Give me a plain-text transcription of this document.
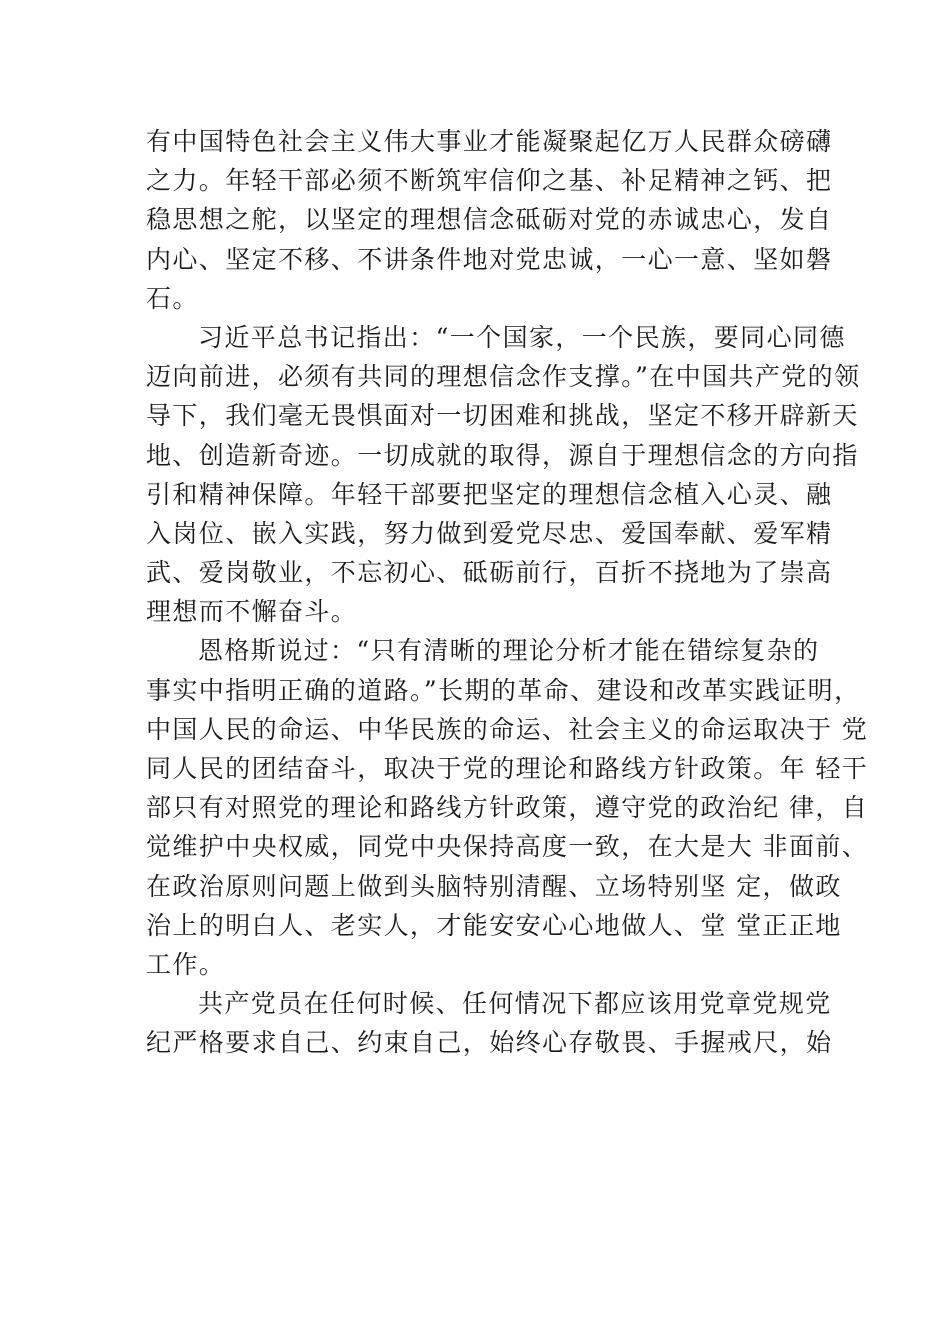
有中国特色社会主义伟大事业才能凝聚起亿万人民群众磅礴
之力。年轻干部必须不断筑牢信仰之基、补足精神之钙、把
稳思想之舵，以坚定的理想信念砥砺对党的赤诚忠心，发自
内心、坚定不移、不讲条件地对党忠诚，一心一意、坚如磐
石。
习近平总书记指出：“一个国家，一个民族，要同心同德
迈向前进，必须有共同的理想信念作支撑。”在中国共产党的领
导下，我们毫无畏惧面对一切困难和挑战，坚定不移开辟新天
地、创造新奇迹。一切成就的取得，源自于理想信念的方向指
引和精神保障。年轻干部要把坚定的理想信念植入心灵、融
入岗位、嵌入实践，努力做到爱党尽忠、爱国奉献、爱军精
武、爱岗敬业，不忘初心、砥砺前行，百折不挠地为了崇高
理想而不懈奋斗。
恩格斯说过：“只有清晰的理论分析才能在错综复杂的
事实中指明正确的道路。”长期的革命、建设和改革实践证明，
中国人民的命运、中华民族的命运、社会主义的命运取决于 党
同人民的团结奋斗，取决于党的理论和路线方针政策。年 轻干
部只有对照党的理论和路线方针政策，遵守党的政治纪 律，自
觉维护中央权威，同党中央保持高度一致，在大是大 非面前、
在政治原则问题上做到头脑特别清醒、立场特别坚 定，做政
治上的明白人、老实人，才能安安心心地做人、堂 堂正正地
工作。
共产党员在任何时候、任何情况下都应该用党章党规党
纪严格要求自己、约束自己，始终心存敬畏、手握戒尺，始
